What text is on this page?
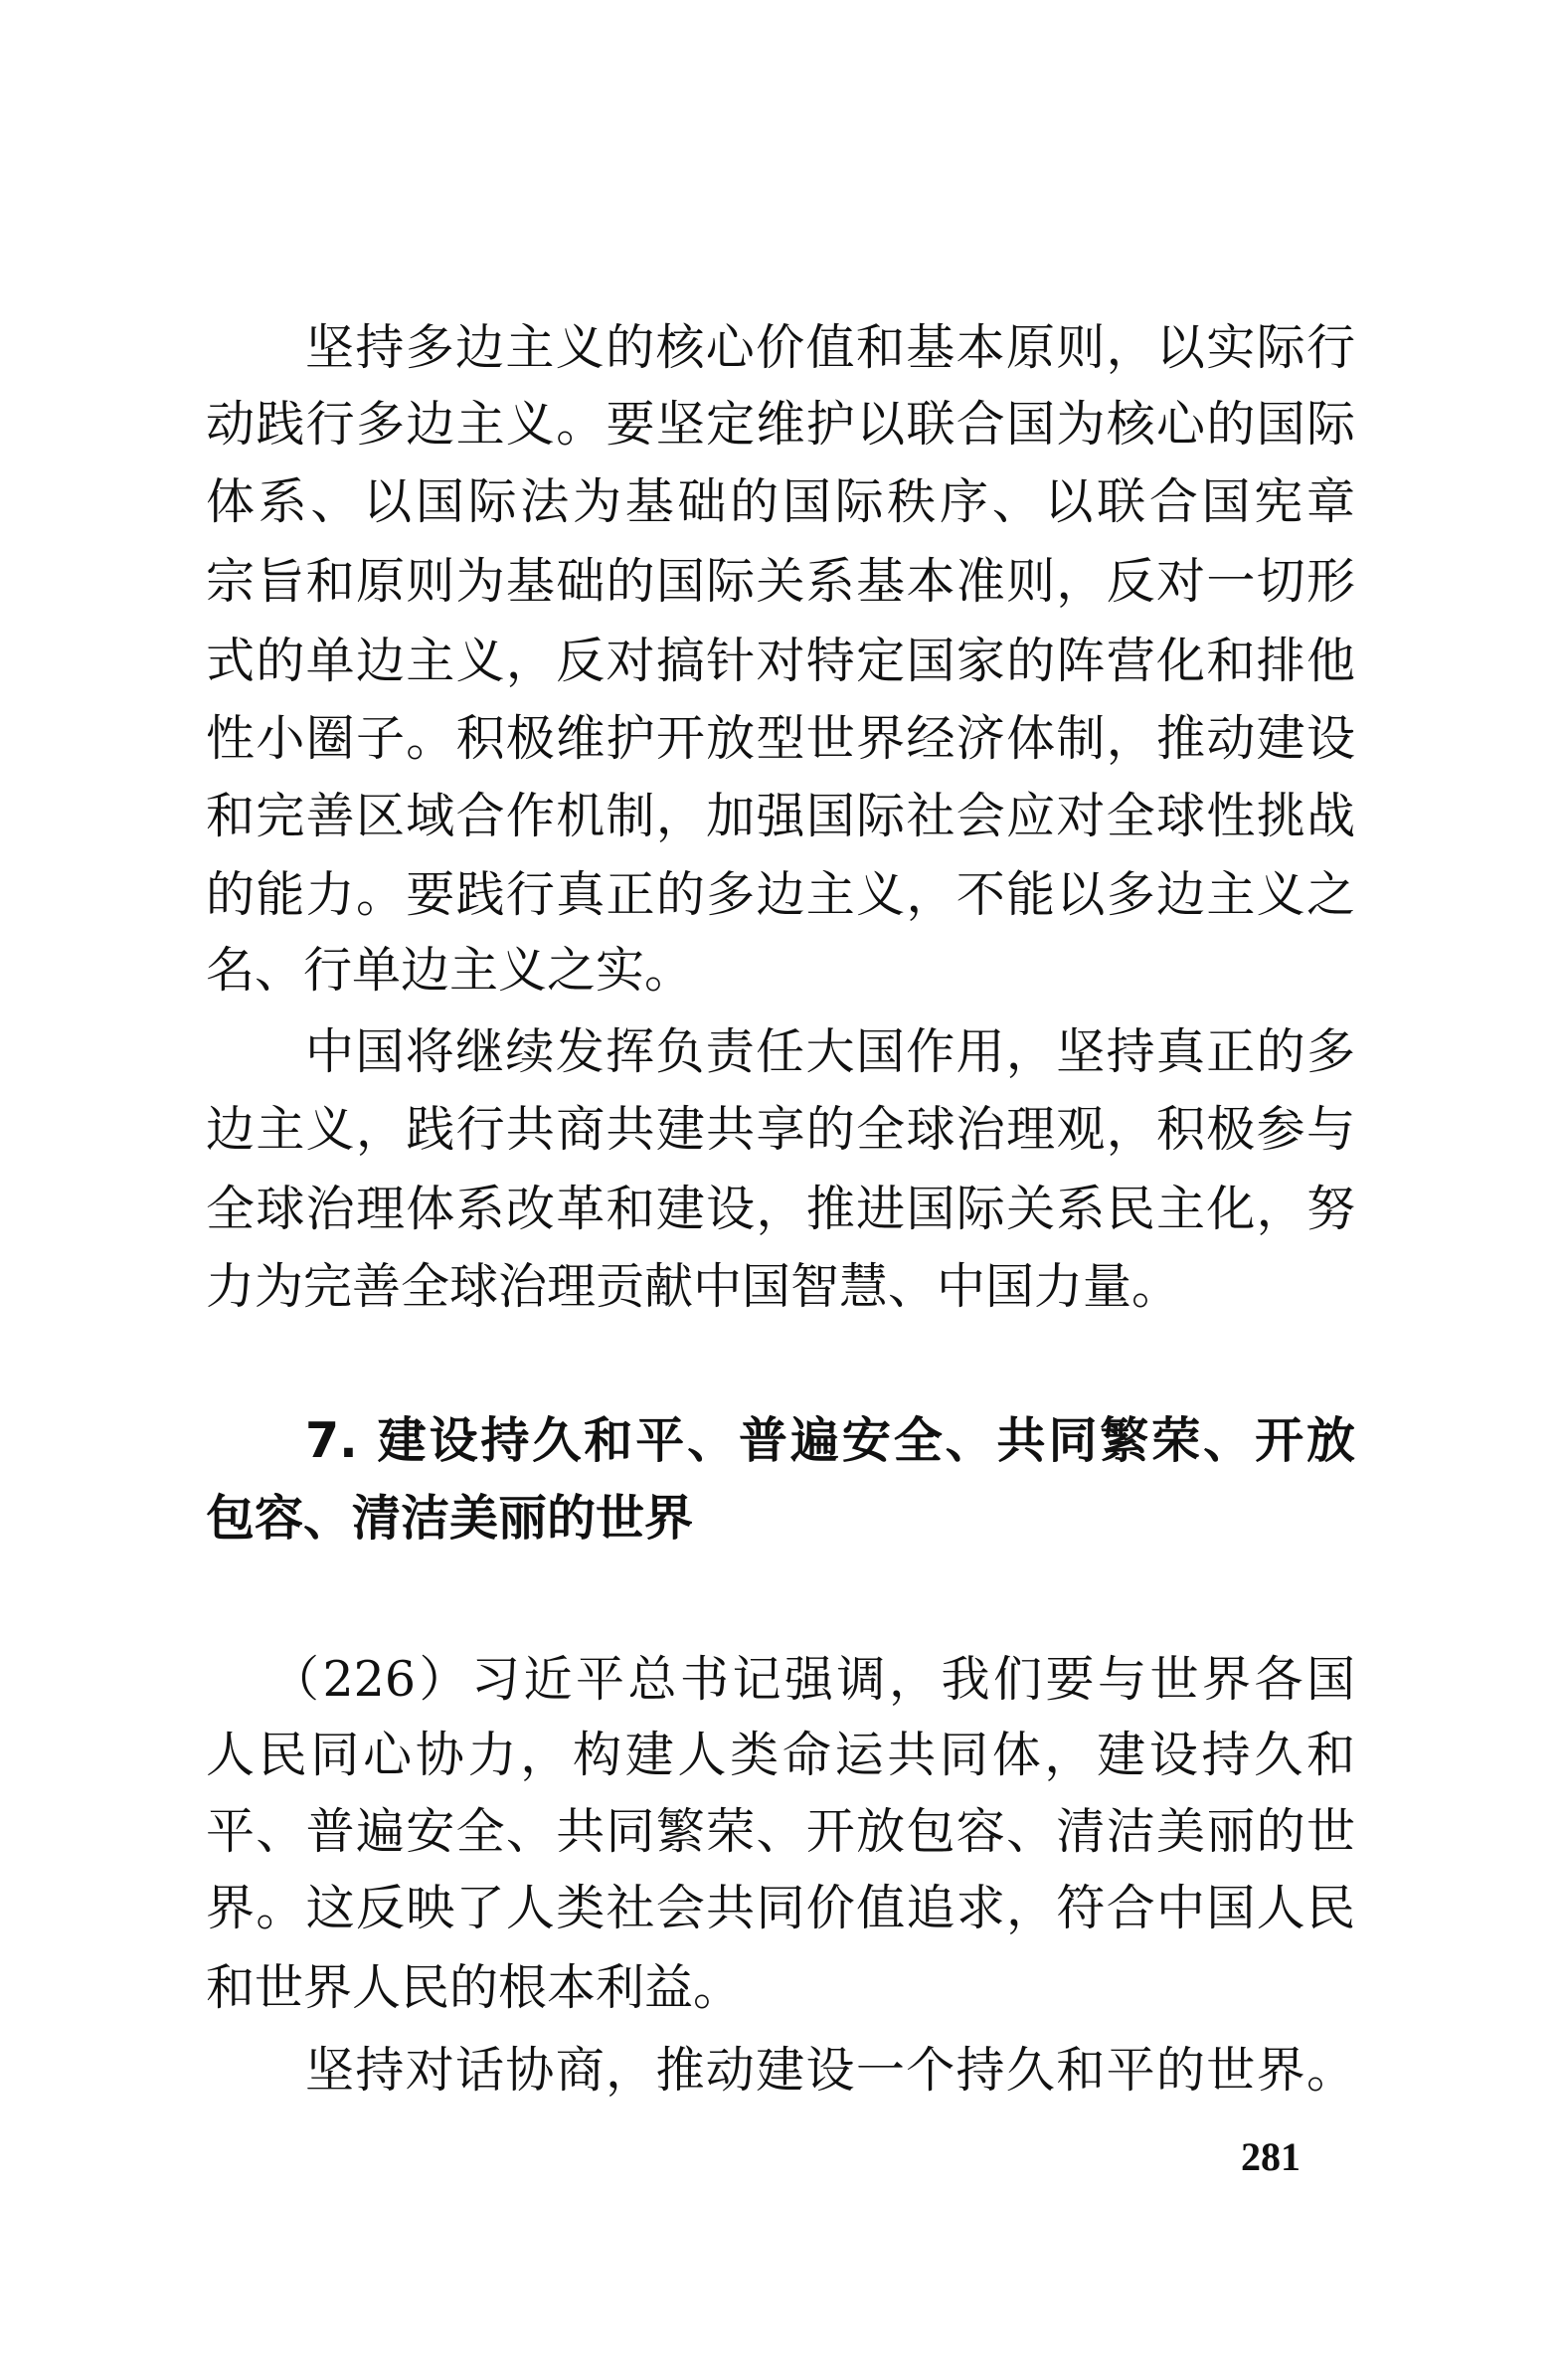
坚持多边主义的核心价值和基本原则，以实际行
动践行多边主义。要坚定维护以联合国为核心的国际
体系、以国际法为基础的国际秩序、以联合国宪章
宗旨和原则为基础的国际关系基本准则，反对一切形
式的单边主义，反对搞针对特定国家的阵营化和排他
性小圈子。积极维护开放型世界经济体制，推动建设
和完善区域合作机制，加强国际社会应对全球性挑战
的能力。要践行真正的多边主义，不能以多边主义之
名、行单边主义之实。
中国将继续发挥负责任大国作用，坚持真正的多
边主义，践行共商共建共享的全球治理观，积极参与
全球治理体系改革和建设，推进国际关系民主化，努
力为完善全球治理贡献中国智慧、中国力量。
7. 建设持久和平、普遍安全、共同繁荣、开放
包容、清洁美丽的世界
（226）习近平总书记强调，我们要与世界各国
人民同心协力，构建人类命运共同体，建设持久和
平、普遍安全、共同繁荣、开放包容、清洁美丽的世
界。这反映了人类社会共同价值追求，符合中国人民
和世界人民的根本利益。
坚持对话协商，推动建设一个持久和平的世界。
281
